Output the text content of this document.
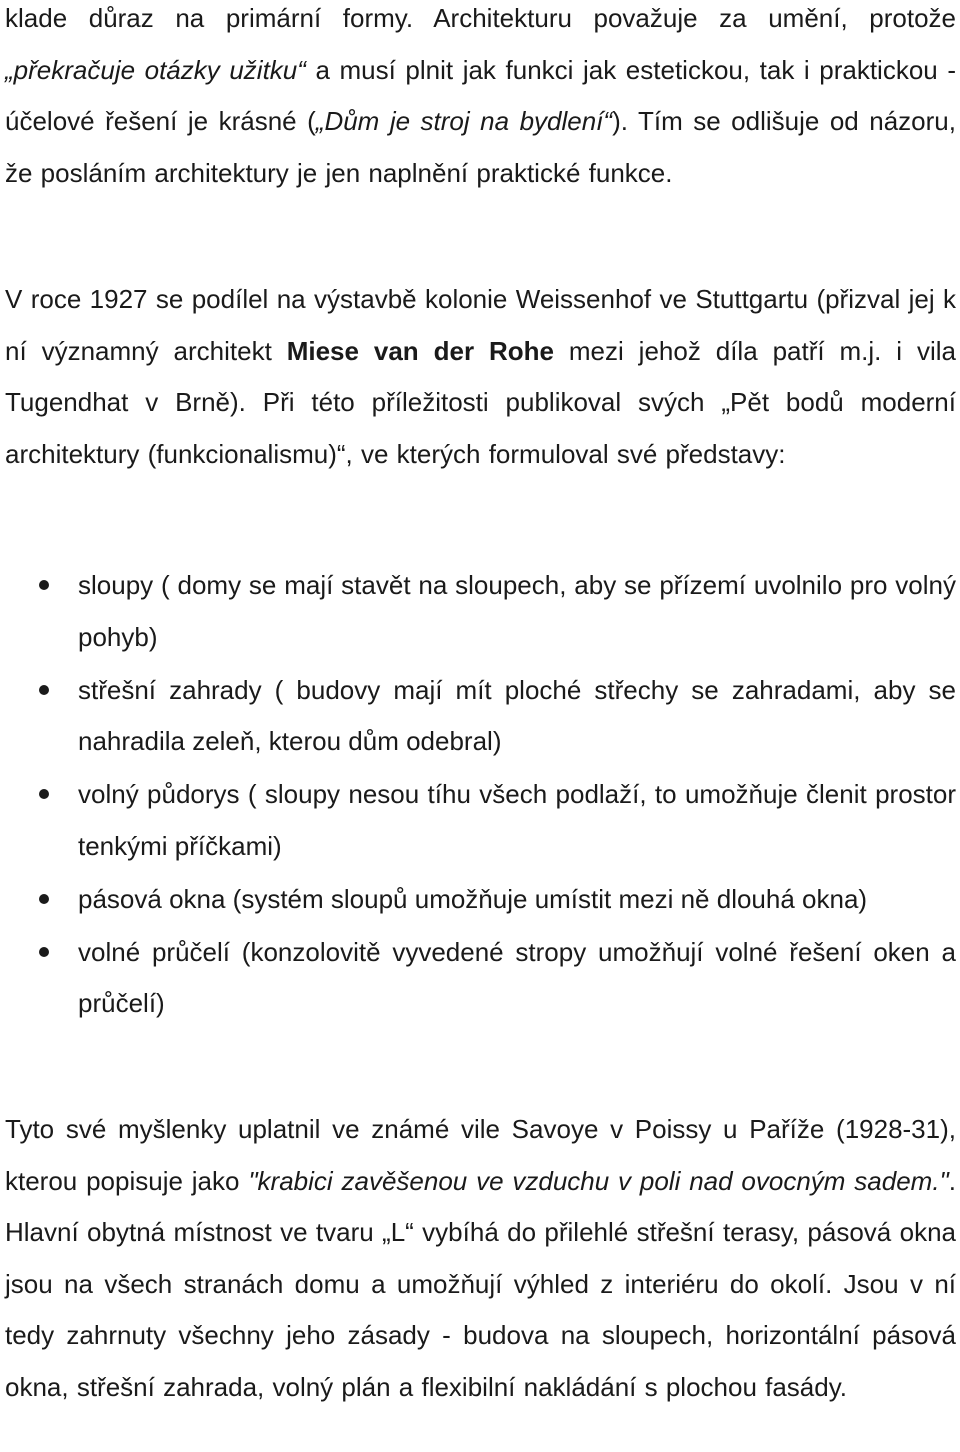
klade důraz na primární formy. Architekturu považuje za umění, protože „překračuje otázky užitku“ a musí plnit jak funkci jak estetickou, tak i praktickou - účelové řešení je krásné („Dům je stroj na bydlení“). Tím se odlišuje od názoru, že posláním architektury je jen naplnění praktické funkce.

V roce 1927 se podílel na výstavbě kolonie Weissenhof ve Stuttgartu (přizval jej k ní významný architekt Miese van der Rohe mezi jehož díla patří m.j. i vila Tugendhat v Brně). Při této příležitosti publikoval svých „Pět bodů moderní architektury (funkcionalismu)“, ve kterých formuloval své představy:

sloupy ( domy se mají stavět na sloupech, aby se přízemí uvolnilo pro volný pohyb)
střešní zahrady ( budovy mají mít ploché střechy se zahradami, aby se nahradila zeleň, kterou dům odebral)
volný půdorys ( sloupy nesou tíhu všech podlaží, to umožňuje členit prostor tenkými příčkami)
pásová okna (systém sloupů umožňuje umístit mezi ně dlouhá okna)
volné průčelí (konzolovitě vyvedené stropy umožňují volné řešení oken a průčelí)

Tyto své myšlenky uplatnil ve známé vile Savoye v Poissy u Paříže (1928-31), kterou popisuje jako "krabici zavěšenou ve vzduchu v poli nad ovocným sadem.". Hlavní obytná místnost ve tvaru „L“ vybíhá do přilehlé střešní terasy, pásová okna jsou na všech stranách domu a umožňují výhled z interiéru do okolí. Jsou v ní tedy zahrnuty všechny jeho zásady - budova na sloupech, horizontální pásová okna, střešní zahrada, volný plán a flexibilní nakládání s plochou fasády.
